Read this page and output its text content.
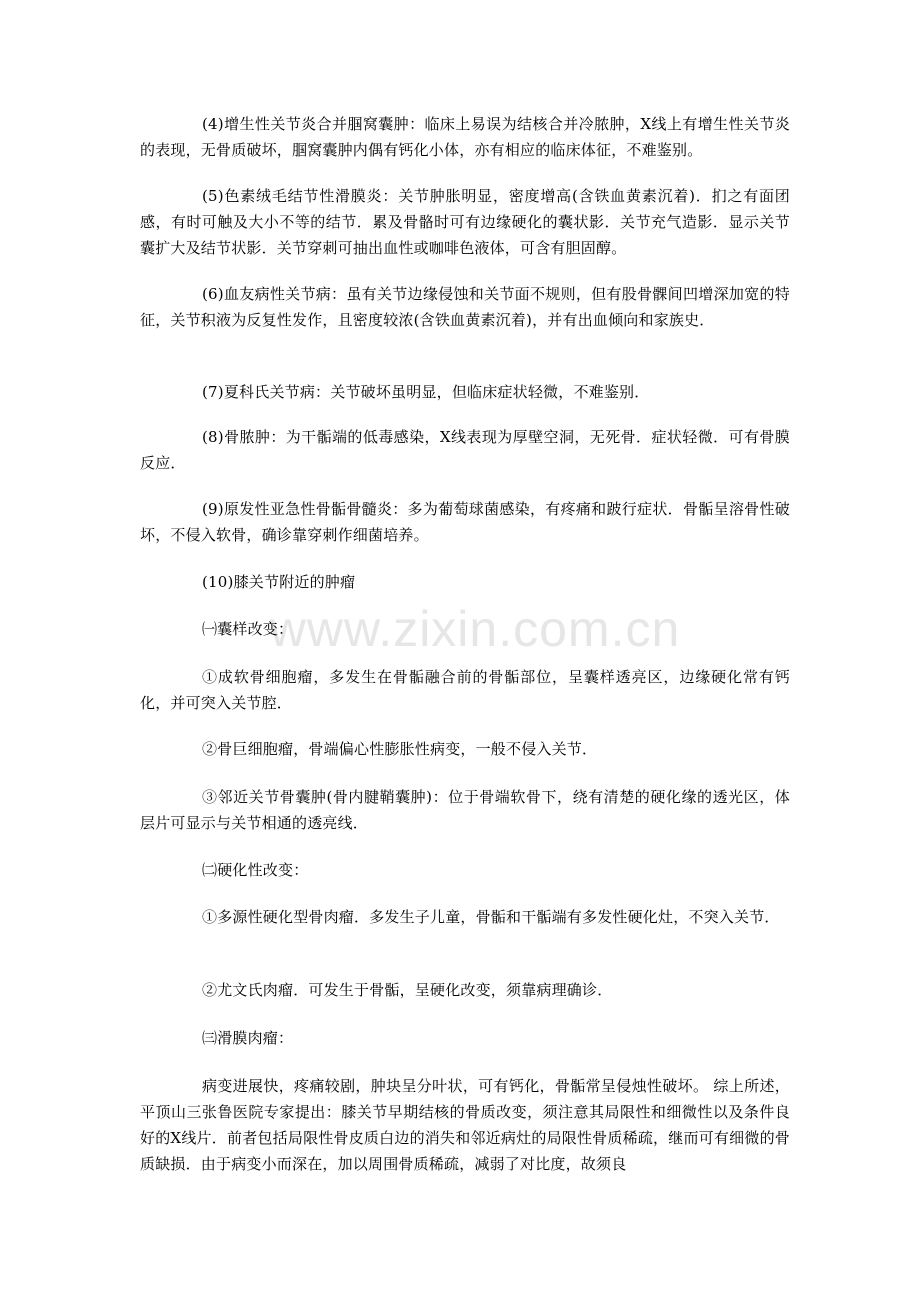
www.zixin.com.cn

(4)增生性关节炎合并腘窝囊肿：临床上易误为结核合并冷脓肿，X线上有增生性关节炎的表现，无骨质破坏，腘窝囊肿内偶有钙化小体，亦有相应的临床体征，不难鉴别。

(5)色素绒毛结节性滑膜炎：关节肿胀明显，密度增高(含铁血黄素沉着)．扪之有面团感，有时可触及大小不等的结节．累及骨骼时可有边缘硬化的囊状影．关节充气造影．显示关节囊扩大及结节状影．关节穿刺可抽出血性或咖啡色液体，可含有胆固醇。

(6)血友病性关节病：虽有关节边缘侵蚀和关节面不规则，但有股骨髁间凹增深加宽的特征，关节积液为反复性发作，且密度较浓(含铁血黄素沉着)，并有出血倾向和家族史．

(7)夏科氏关节病：关节破坏虽明显，但临床症状轻微，不难鉴别．

(8)骨脓肿：为干骺端的低毒感染，X线表现为厚壁空洞，无死骨．症状轻微．可有骨膜反应．

(9)原发性亚急性骨骺骨髓炎：多为葡萄球菌感染，有疼痛和跛行症状．骨骺呈溶骨性破坏，不侵入软骨，确诊靠穿刺作细菌培养。

(10)膝关节附近的肿瘤

㈠囊样改变：

①成软骨细胞瘤，多发生在骨骺融合前的骨骺部位，呈囊样透亮区，边缘硬化常有钙化，并可突入关节腔．

②骨巨细胞瘤，骨端偏心性膨胀性病变，一般不侵入关节．

③邻近关节骨囊肿(骨内腱鞘囊肿)：位于骨端软骨下，绕有清楚的硬化缘的透光区，体层片可显示与关节相通的透亮线．

㈡硬化性改变：

①多源性硬化型骨肉瘤．多发生子儿童，骨骺和干骺端有多发性硬化灶，不突入关节．

②尤文氏肉瘤．可发生于骨骺，呈硬化改变，须靠病理确诊．

㈢滑膜肉瘤：

病变进展快，疼痛较剧，肿块呈分叶状，可有钙化，骨骺常呈侵烛性破坏。 综上所述，平顶山三张鲁医院专家提出：膝关节早期结核的骨质改变，须注意其局限性和细微性以及条件良好的X线片．前者包括局限性骨皮质白边的消失和邻近病灶的局限性骨质稀疏，继而可有细微的骨质缺损．由于病变小而深在，加以周围骨质稀疏，减弱了对比度，故须良
